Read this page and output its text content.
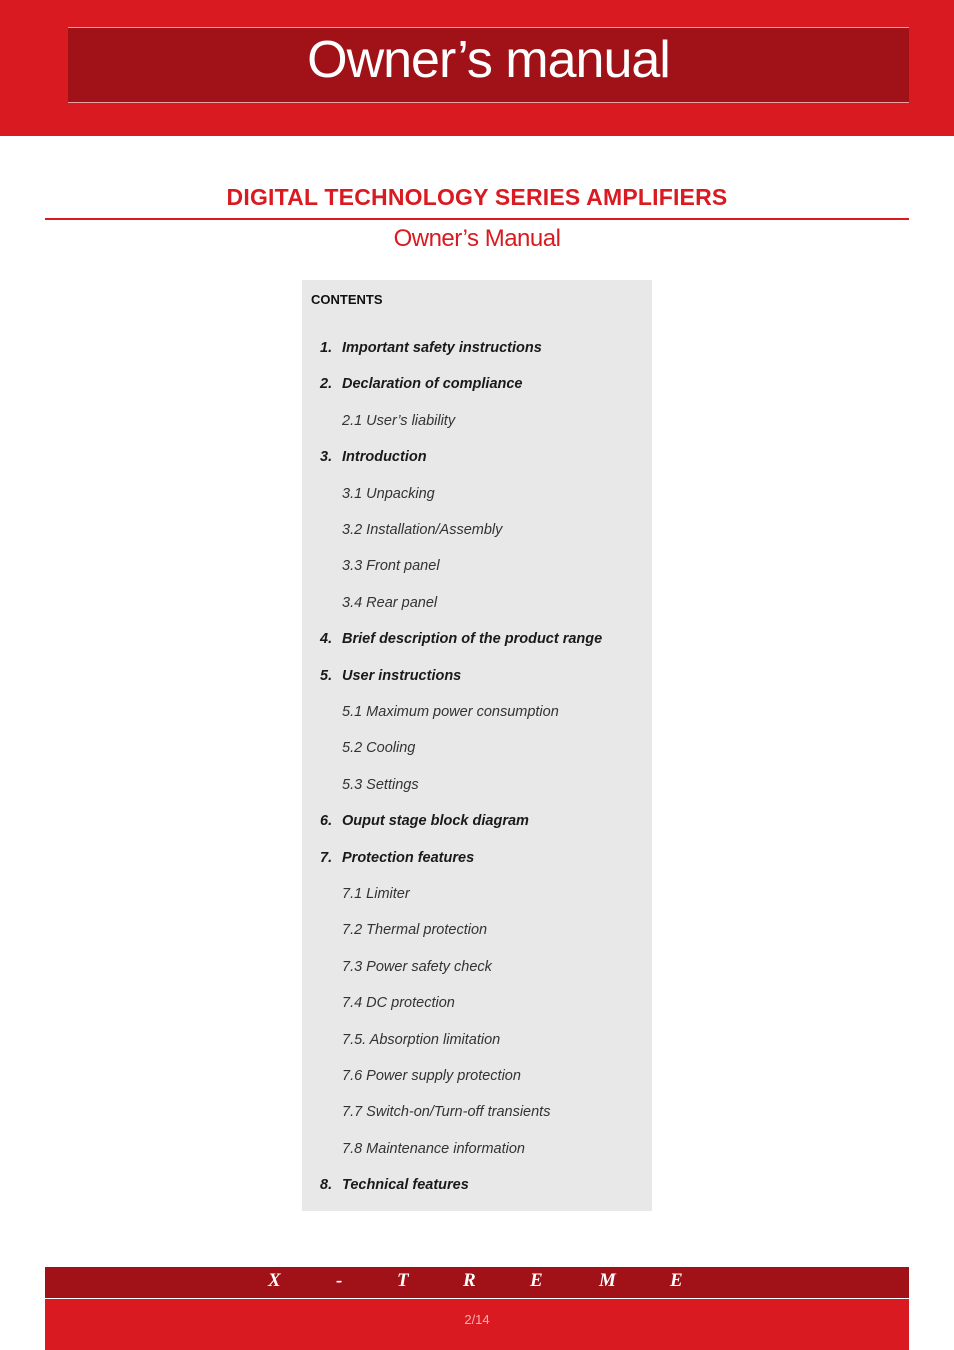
Owner’s manual
DIGITAL TECHNOLOGY SERIES AMPLIFIERS
Owner’s Manual
CONTENTS
1. Important safety instructions
2. Declaration of compliance
2.1 User’s liability
3. Introduction
3.1 Unpacking
3.2 Installation/Assembly
3.3 Front panel
3.4 Rear panel
4. Brief description of the product range
5. User instructions
5.1 Maximum power consumption
5.2 Cooling
5.3 Settings
6. Ouput stage block diagram
7. Protection features
7.1 Limiter
7.2 Thermal protection
7.3 Power safety check
7.4 DC protection
7.5. Absorption limitation
7.6 Power supply protection
7.7 Switch-on/Turn-off transients
7.8 Maintenance information
8. Technical features
X	-	T	R	E	M	E
2/14
